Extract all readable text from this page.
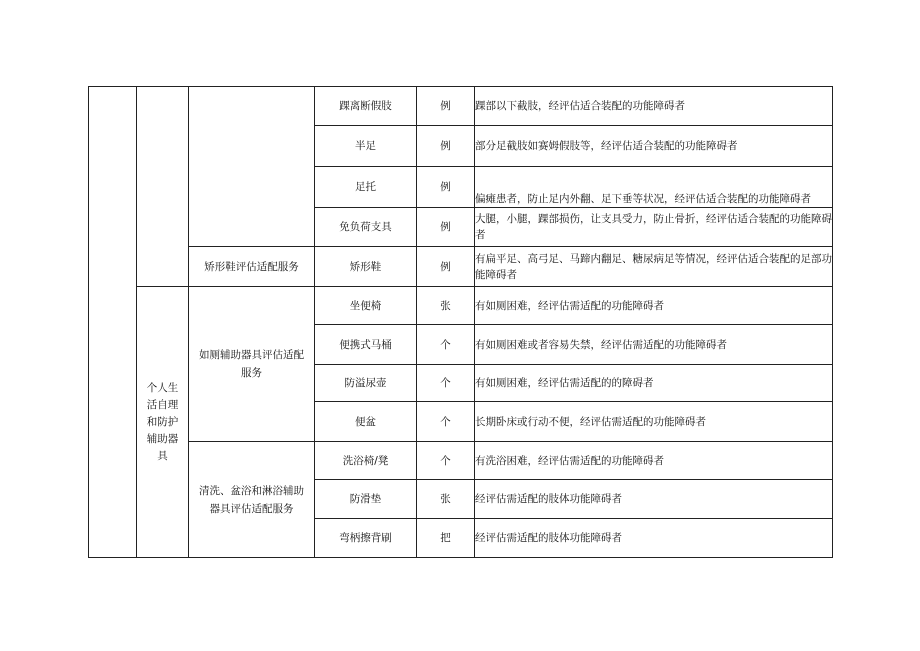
			踝离断假肢	例	踝部以下截肢，经评估适合装配的功能障碍者
			半足	例	部分足截肢如赛姆假肢等，经评估适合装配的功能障碍者
			足托	例	偏瘫患者，防止足内外翻、足下垂等状况，经评估适合装配的功能障碍者
			免负荷支具	例	大腿，小腿，踝部损伤，让支具受力，防止骨折，经评估适合装配的功能障碍者
		矫形鞋评估适配服务	矫形鞋	例	有扁平足、高弓足、马蹄内翻足、糖尿病足等情况，经评估适合装配的足部功能障碍者

	个人生活自理和防护辅助器具	如厕辅助器具评估适配服务	坐便椅	张	有如厕困难，经评估需适配的功能障碍者
			便携式马桶	个	有如厕困难或者容易失禁，经评估需适配的功能障碍者
			防溢尿壶	个	有如厕困难，经评估需适配的的障碍者
			便盆	个	长期卧床或行动不便，经评估需适配的功能障碍者

		清洗、盆浴和淋浴辅助器具评估适配服务	洗浴椅/凳	个	有洗浴困难，经评估需适配的功能障碍者
			防滑垫	张	经评估需适配的肢体功能障碍者
			弯柄擦背刷	把	经评估需适配的肢体功能障碍者
